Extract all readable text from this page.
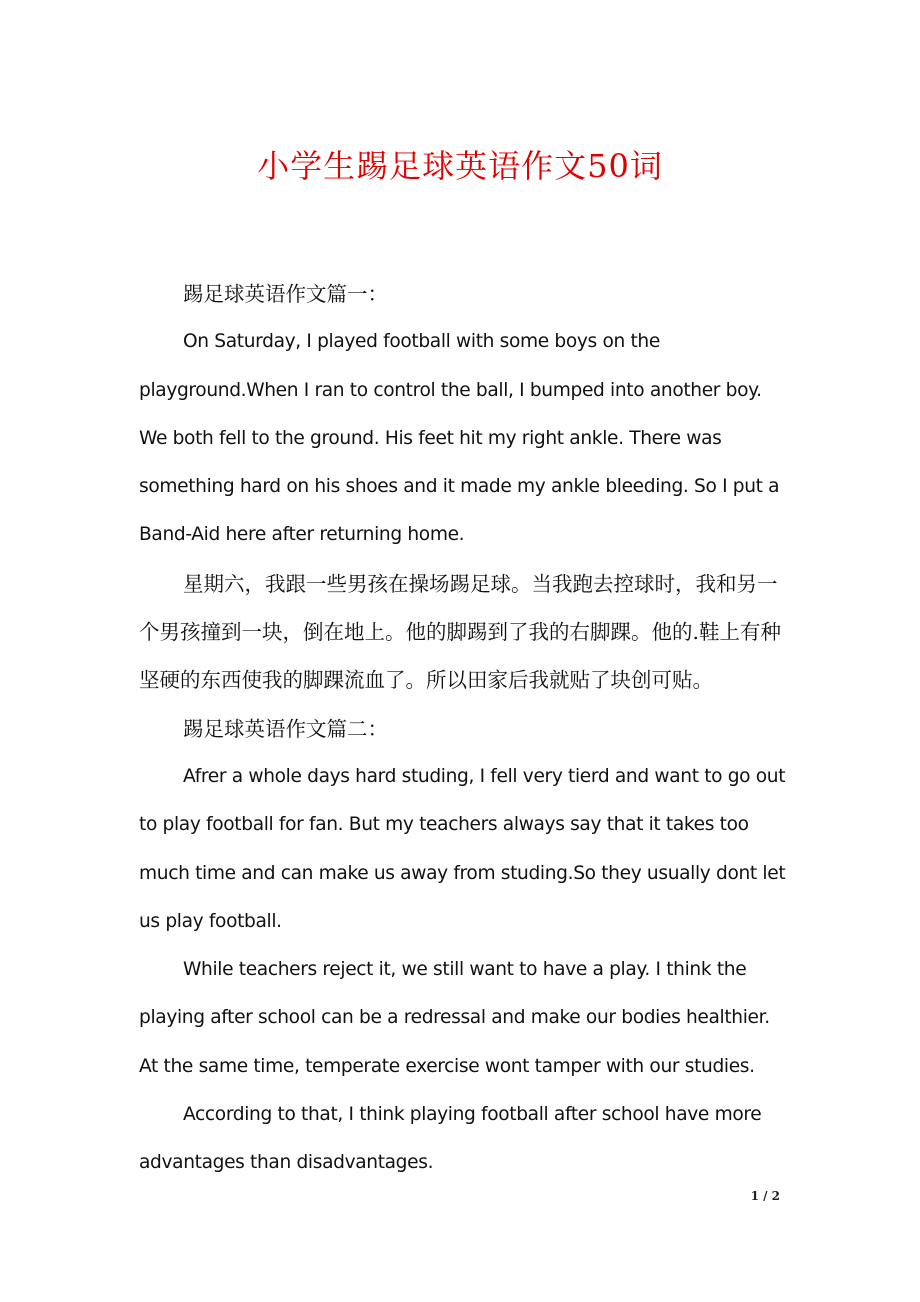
小学生踢足球英语作文50词

踢足球英语作文篇一：

On Saturday, I played football with some boys on the playground.When I ran to control the ball, I bumped into another boy. We both fell to the ground. His feet hit my right ankle. There was something hard on his shoes and it made my ankle bleeding. So I put a Band-Aid here after returning home.

星期六，我跟一些男孩在操场踢足球。当我跑去控球时，我和另一个男孩撞到一块，倒在地上。他的脚踢到了我的右脚踝。他的.鞋上有种坚硬的东西使我的脚踝流血了。所以田家后我就贴了块创可贴。

踢足球英语作文篇二：

Afrer a whole days hard studing, I fell very tierd and want to go out to play football for fan. But my teachers always say that it takes too much time and can make us away from studing.So they usually dont let us play football.

While teachers reject it, we still want to have a play. I think the playing after school can be a redressal and make our bodies healthier. At the same time, temperate exercise wont tamper with our studies.

According to that, I think playing football after school have more advantages than disadvantages.

1 / 2
